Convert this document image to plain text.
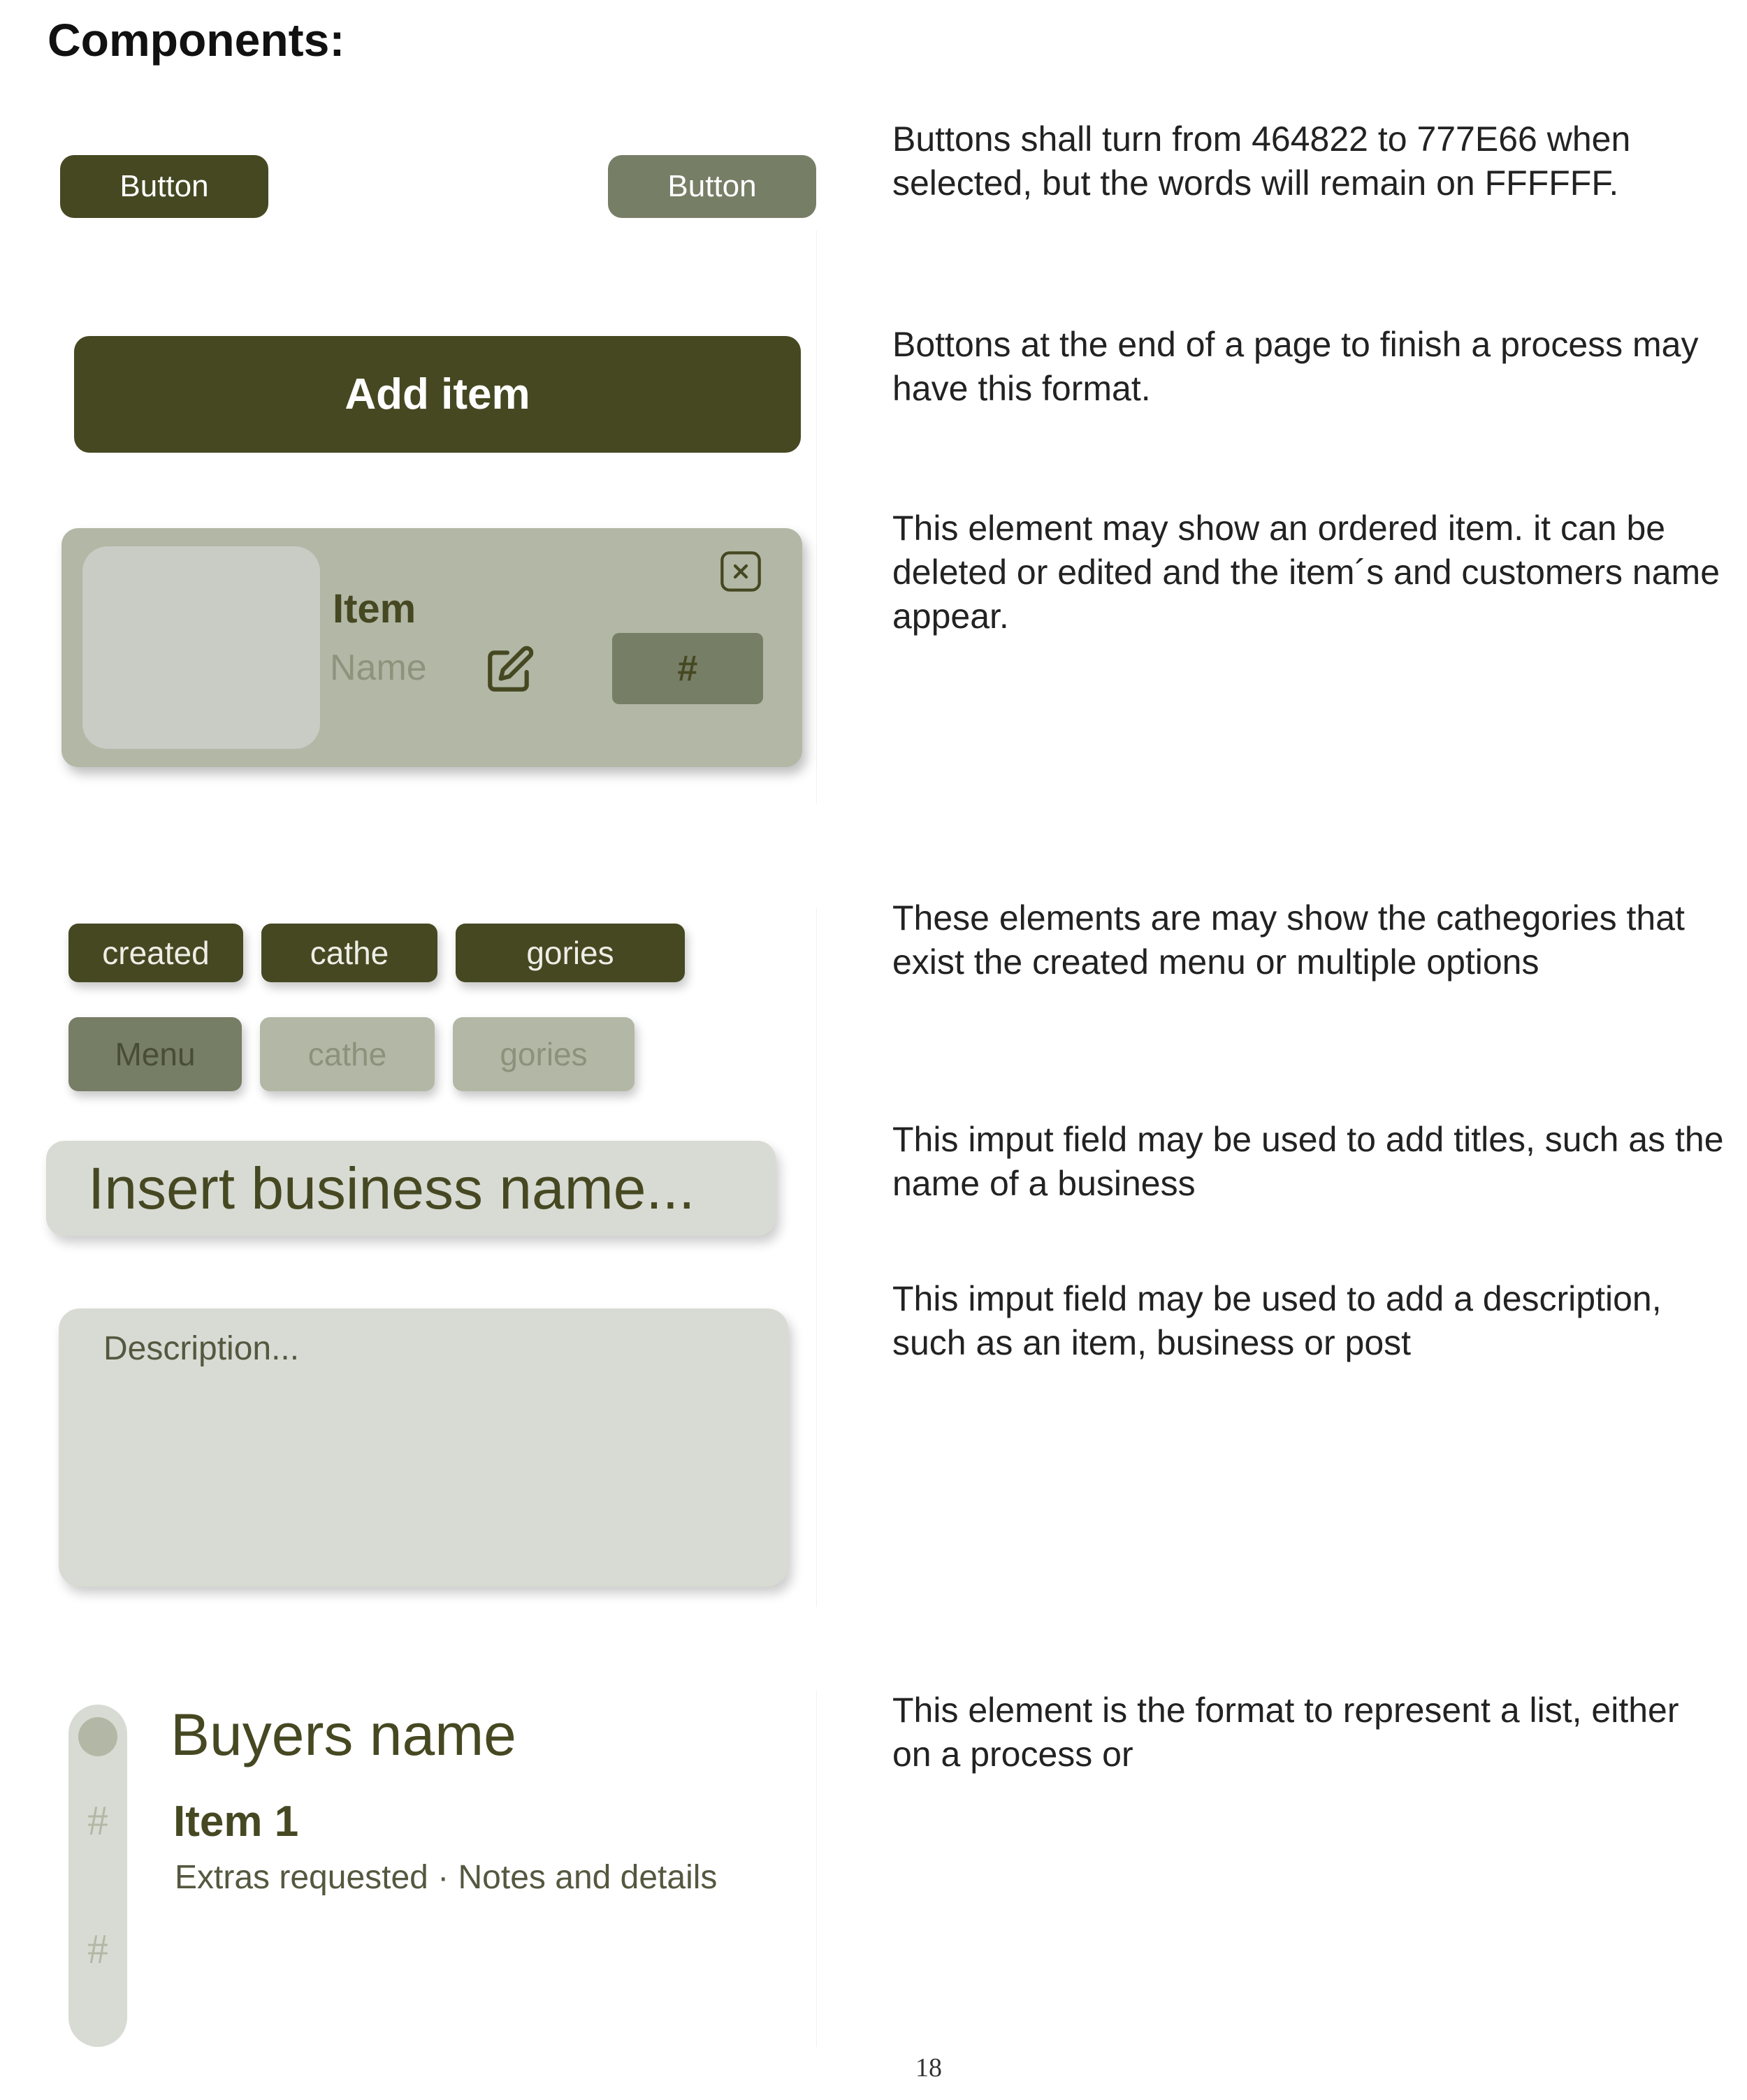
Components:
Button	Button
Buttons shall turn from 464822 to 777E66 when selected, but the words will remain on FFFFFF.
Add item
Bottons at the end of a page to finish a process may have this format.
Item
Name	#
This element may show an ordered item. it can be deleted or edited and the item´s and customers name appear.
created	cathe	gories
Menu	cathe	gories
These elements are may show the cathegories that exist the created menu or multiple options
Insert business name...
This imput field may be used to add titles, such as the name of a business
Description...
This imput field may be used to add a description, such as an item, business or post
#
#
Buyers name
Item 1
Extras requested · Notes and details
This element is the format to represent a list, either on a process or
18
